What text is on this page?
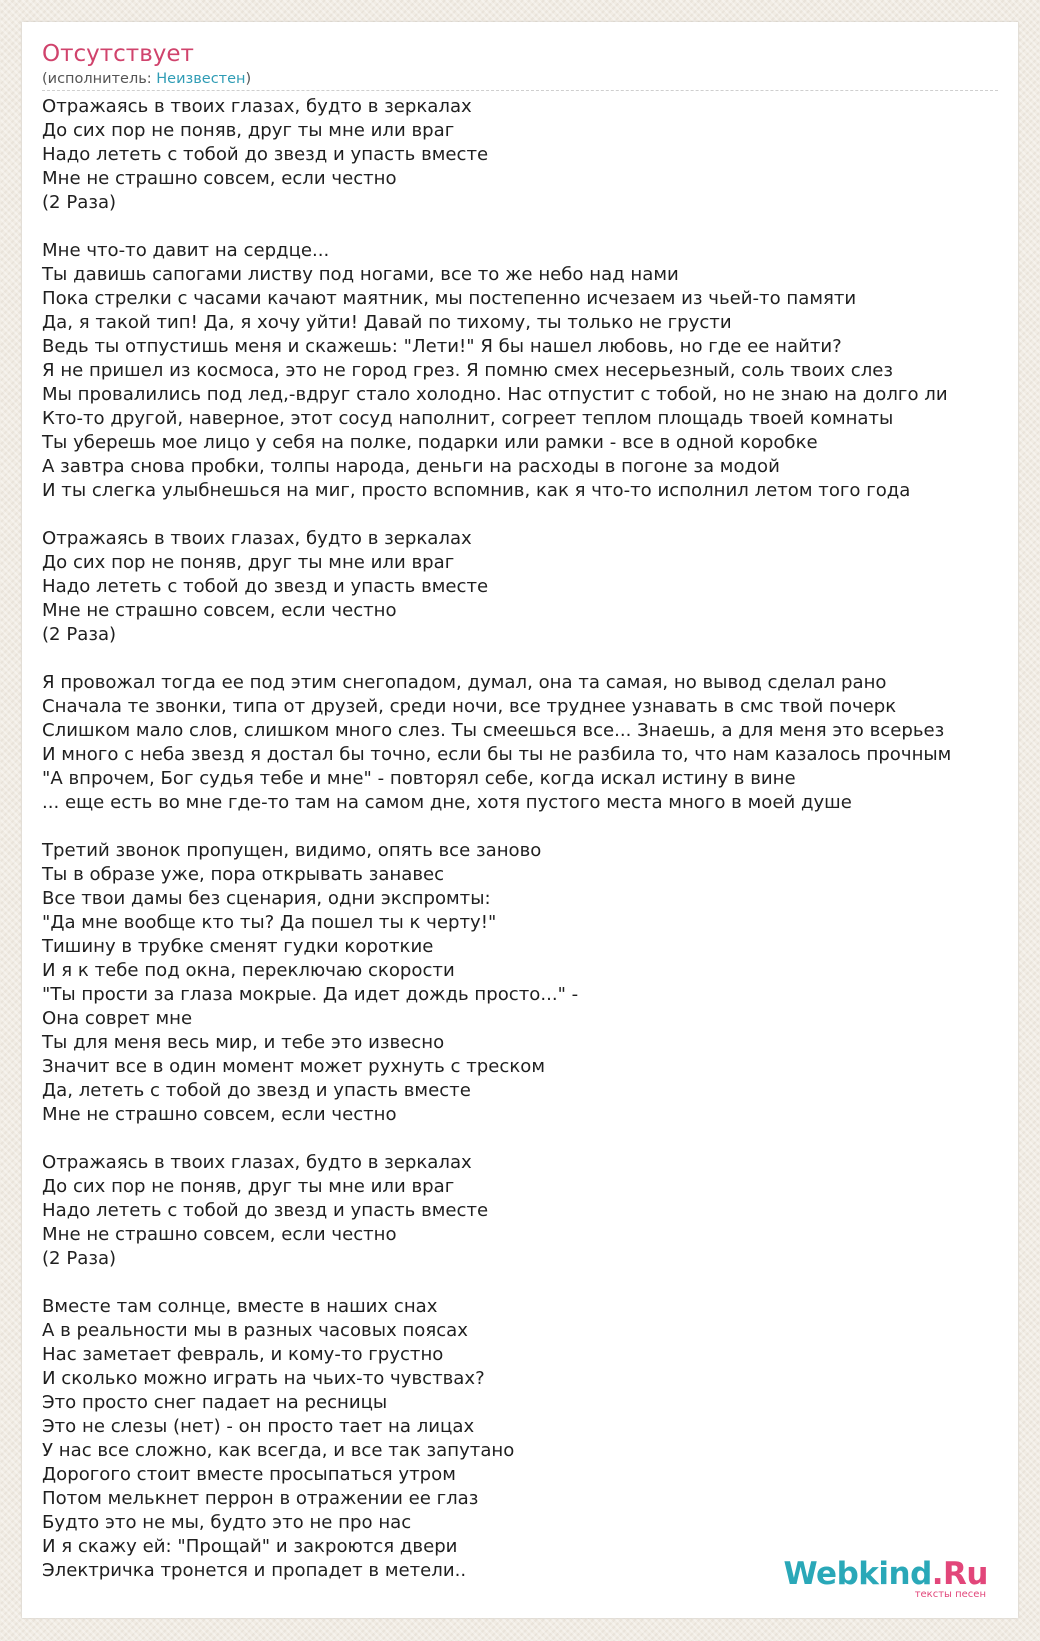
Отсутствует
(исполнитель: Неизвестен)
Отражаясь в твоих глазах, будто в зеркалах
До сих пор не поняв, друг ты мне или враг
Надо лететь с тобой до звезд и упасть вместе
Мне не страшно совсем, если честно
(2 Раза)
Мне что-то давит на сердце...
Ты давишь сапогами листву под ногами, все то же небо над нами
Пока стрелки с часами качают маятник, мы постепенно исчезаем из чьей-то памяти
Да, я такой тип! Да, я хочу уйти! Давай по тихому, ты только не грусти
Ведь ты отпустишь меня и скажешь: "Лети!" Я бы нашел любовь, но где ее найти?
Я не пришел из космоса, это не город грез. Я помню смех несерьезный, соль твоих слез
Мы провалились под лед,-вдруг стало холодно. Нас отпустит с тобой, но не знаю на долго ли
Кто-то другой, наверное, этот сосуд наполнит, согреет теплом площадь твоей комнаты
Ты уберешь мое лицо у себя на полке, подарки или рамки - все в одной коробке
А завтра снова пробки, толпы народа, деньги на расходы в погоне за модой
И ты слегка улыбнешься на миг, просто вспомнив, как я что-то исполнил летом того года
Отражаясь в твоих глазах, будто в зеркалах
До сих пор не поняв, друг ты мне или враг
Надо лететь с тобой до звезд и упасть вместе
Мне не страшно совсем, если честно
(2 Раза)
Я провожал тогда ее под этим снегопадом, думал, она та самая, но вывод сделал рано
Сначала те звонки, типа от друзей, среди ночи, все труднее узнавать в смс твой почерк
Слишком мало слов, слишком много слез. Ты смеешься все... Знаешь, а для меня это всерьез
И много с неба звезд я достал бы точно, если бы ты не разбила то, что нам казалось прочным
"А впрочем, Бог судья тебе и мне" - повторял себе, когда искал истину в вине
... еще есть во мне где-то там на самом дне, хотя пустого места много в моей душе
Третий звонок пропущен, видимо, опять все заново
Ты в образе уже, пора открывать занавес
Все твои дамы без сценария, одни экспромты:
"Да мне вообще кто ты? Да пошел ты к черту!"
Тишину в трубке сменят гудки короткие
И я к тебе под окна, переключаю скорости
"Ты прости за глаза мокрые. Да идет дождь просто..." -
Она соврет мне
Ты для меня весь мир, и тебе это извесно
Значит все в один момент может рухнуть с треском
Да, лететь с тобой до звезд и упасть вместе
Мне не страшно совсем, если честно
Отражаясь в твоих глазах, будто в зеркалах
До сих пор не поняв, друг ты мне или враг
Надо лететь с тобой до звезд и упасть вместе
Мне не страшно совсем, если честно
(2 Раза)
Вместе там солнце, вместе в наших снах
А в реальности мы в разных часовых поясах
Нас заметает февраль, и кому-то грустно
И сколько можно играть на чьих-то чувствах?
Это просто снег падает на ресницы
Это не слезы (нет) - он просто тает на лицах
У нас все сложно, как всегда, и все так запутано
Дорогого стоит вместе просыпаться утром
Потом мелькнет перрон в отражении ее глаз
Будто это не мы, будто это не про нас
И я скажу ей: "Прощай" и закроются двери
Электричка тронется и пропадет в метели..	Webkind.Ru
тексты песен
